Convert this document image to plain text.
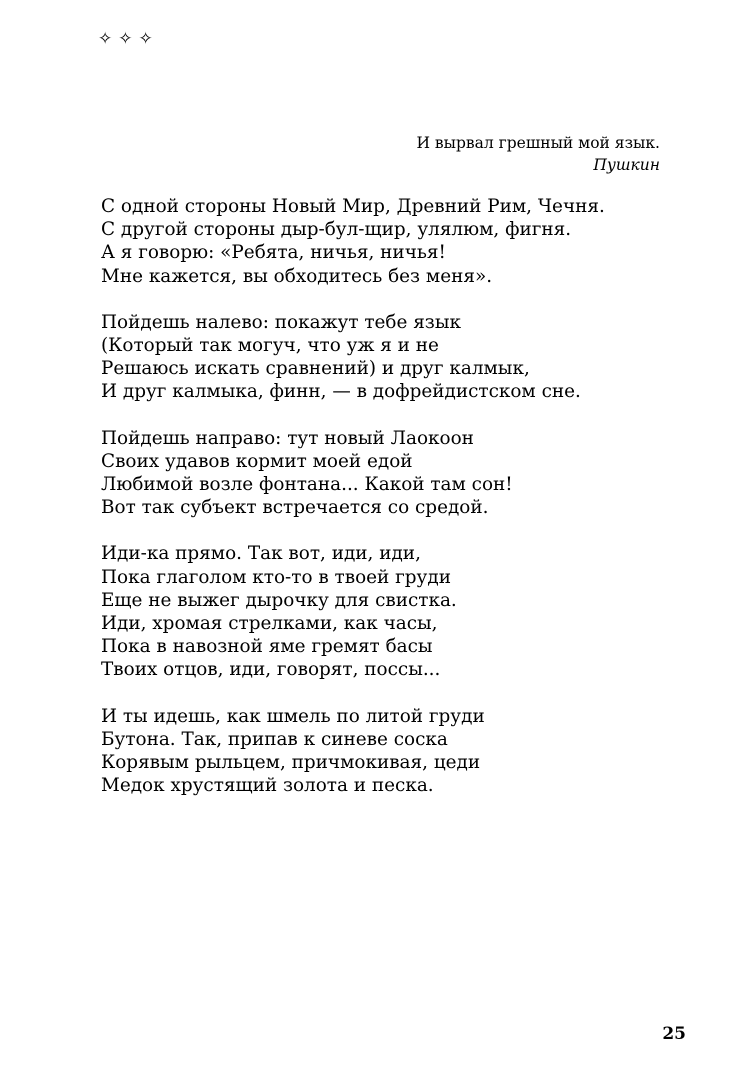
✧ ✧ ✧
И вырвал грешный мой язык.
Пушкин
С одной стороны Новый Мир, Древний Рим, Чечня.
С другой стороны дыр-бул-щир, улялюм, фигня.
А я говорю: «Ребята, ничья, ничья!
Мне кажется, вы обходитесь без меня».
Пойдешь налево: покажут тебе язык
(Который так могуч, что уж я и не
Решаюсь искать сравнений) и друг калмык,
И друг калмыка, финн, — в дофрейдистском сне.
Пойдешь направо: тут новый Лаокоон
Своих удавов кормит моей едой
Любимой возле фонтана... Какой там сон!
Вот так субъект встречается со средой.
Иди-ка прямо. Так вот, иди, иди,
Пока глаголом кто-то в твоей груди
Еще не выжег дырочку для свистка.
Иди, хромая стрелками, как часы,
Пока в навозной яме гремят басы
Твоих отцов, иди, говорят, поссы...
И ты идешь, как шмель по литой груди
Бутона. Так, припав к синеве соска
Корявым рыльцем, причмокивая, цеди
Медок хрустящий золота и песка.
25
